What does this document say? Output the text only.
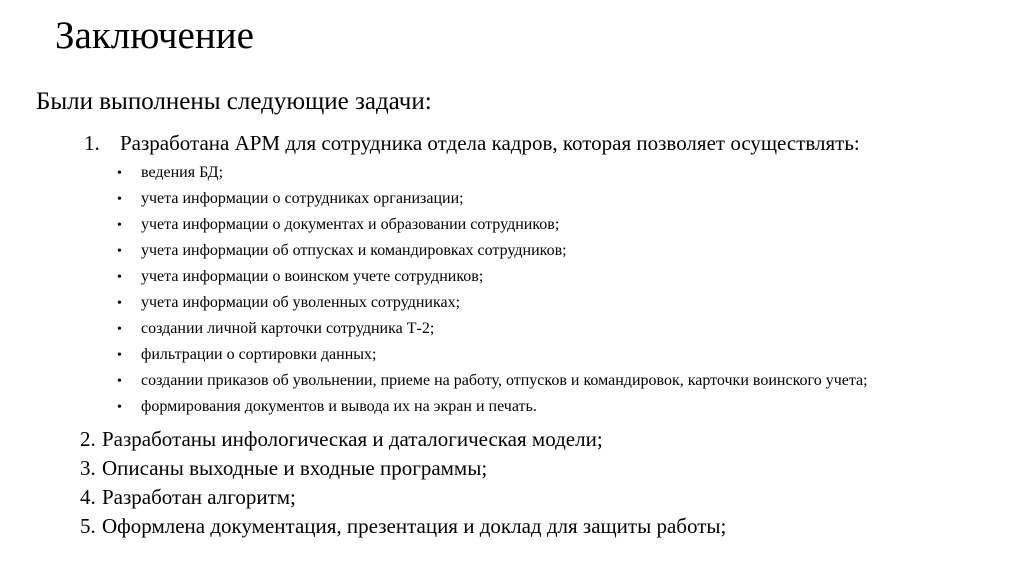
Заключение
Были выполнены следующие задачи:
1. Разработана АРМ для сотрудника отдела кадров, которая позволяет осуществлять:
• ведения БД;
• учета информации о сотрудниках организации;
• учета информации о документах и образовании сотрудников;
• учета информации об отпусках и командировках сотрудников;
• учета информации о воинском учете сотрудников;
• учета информации об уволенных сотрудниках;
• создании личной карточки сотрудника Т-2;
• фильтрации о сортировки данных;
• создании приказов об увольнении, приеме на работу, отпусков и командировок, карточки воинского учета;
• формирования документов и вывода их на экран и печать.
2. Разработаны инфологическая и даталогическая модели;
3. Описаны выходные и входные программы;
4. Разработан алгоритм;
5. Оформлена документация, презентация и доклад для защиты работы;
